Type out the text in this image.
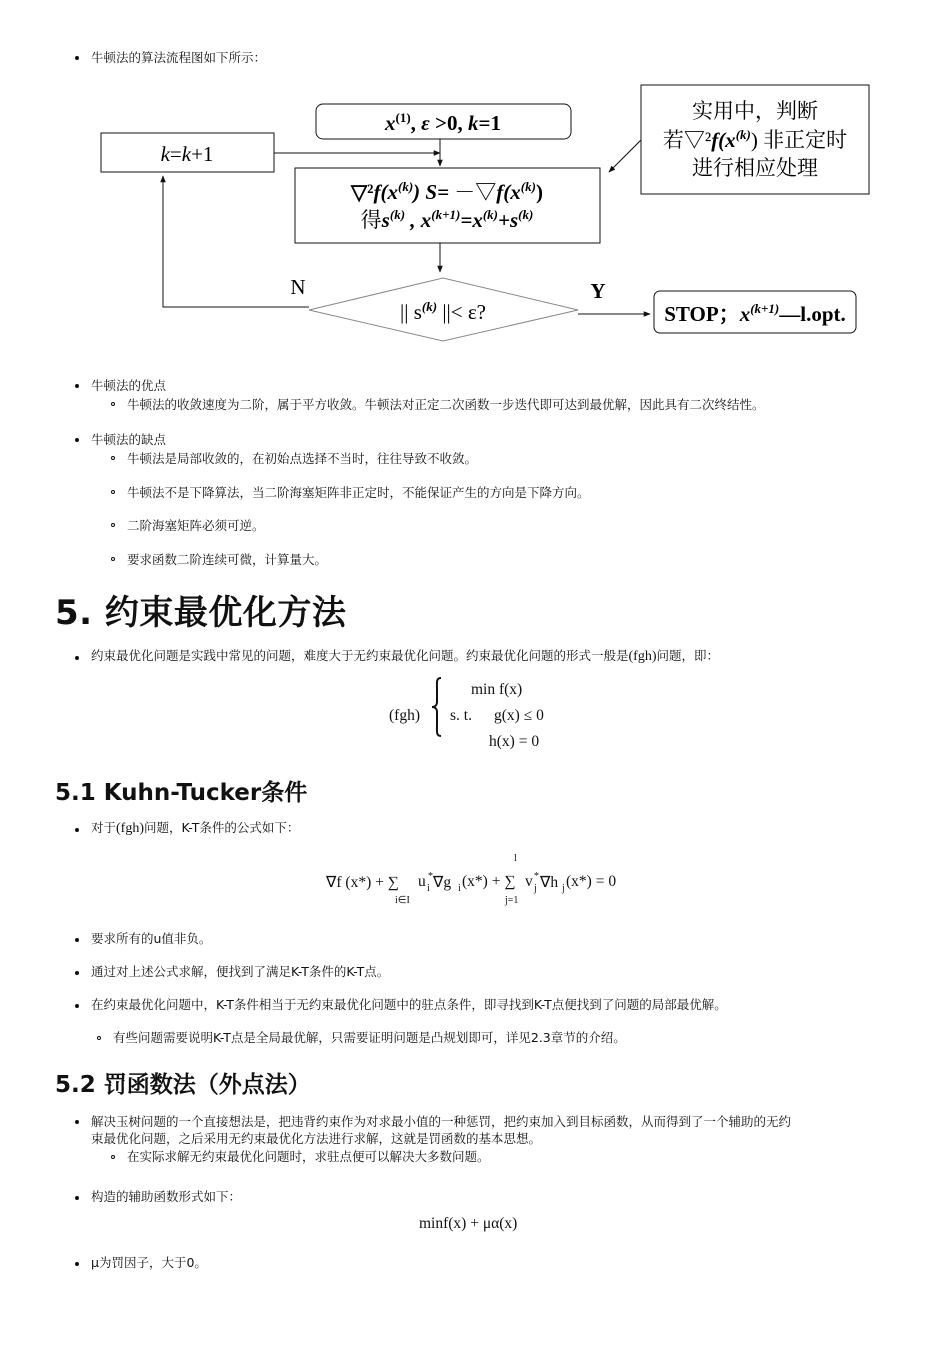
牛顿法的算法流程图如下所示：
$x^{(1)}$, ε >0, k=1
k=k+1
实用中，判断
若$▽^2f(x^{(k)})$ 非正定时
进行相应处理
$▽^2f(x^{(k)})$ $S= -▽f(x^{(k)})$
得$s^{(k)}$ , $x^{(k+1)}=x^{(k)}+s^{(k)}$
|| $s^{(k)}$ ||< ε?	STOP；$x^{(k+1)}—l.opt$.
N	Y
牛顿法的优点
牛顿法的收敛速度为二阶，属于平方收敛。牛顿法对正定二次函数一步迭代即可达到最优解，因此具有二次终结性。
牛顿法的缺点
牛顿法是局部收敛的，在初始点选择不当时，往往导致不收敛。
牛顿法不是下降算法，当二阶海塞矩阵非正定时，不能保证产生的方向是下降方向。
二阶海塞矩阵必须可逆。
要求函数二阶连续可微，计算量大。
5. 约束最优化方法
约束最优化问题是实践中常见的问题，难度大于无约束最优化问题。约束最优化问题的形式一般是(fgh)问题，即：
(fgh)
min f(x)
s. t. g(x) ≤ 0
h(x) = 0
5.1 Kuhn-Tucker条件
对于(fgh)问题，K-T条件的公式如下：
∇f (x*) + ∑
i∈I
u i
* ∇g i (x*) + ∑
l
j=1
v j
* ∇h j (x*) = 0
要求所有的u值非负。
通过对上述公式求解，便找到了满足K-T条件的K-T点。
在约束最优化问题中，K-T条件相当于无约束最优化问题中的驻点条件，即寻找到K-T点便找到了问题的局部最优解。
有些问题需要说明K-T点是全局最优解，只需要证明问题是凸规划即可，详见2.3章节的介绍。
5.2 罚函数法（外点法）
解决玉树问题的一个直接想法是，把违背约束作为对求最小值的一种惩罚，把约束加入到目标函数，从而得到了一个辅助的无约
束最优化问题，之后采用无约束最优化方法进行求解，这就是罚函数的基本思想。
在实际求解无约束最优化问题时，求驻点便可以解决大多数问题。
构造的辅助函数形式如下：
minf(x) + μα(x)
μ为罚因子，大于0。
